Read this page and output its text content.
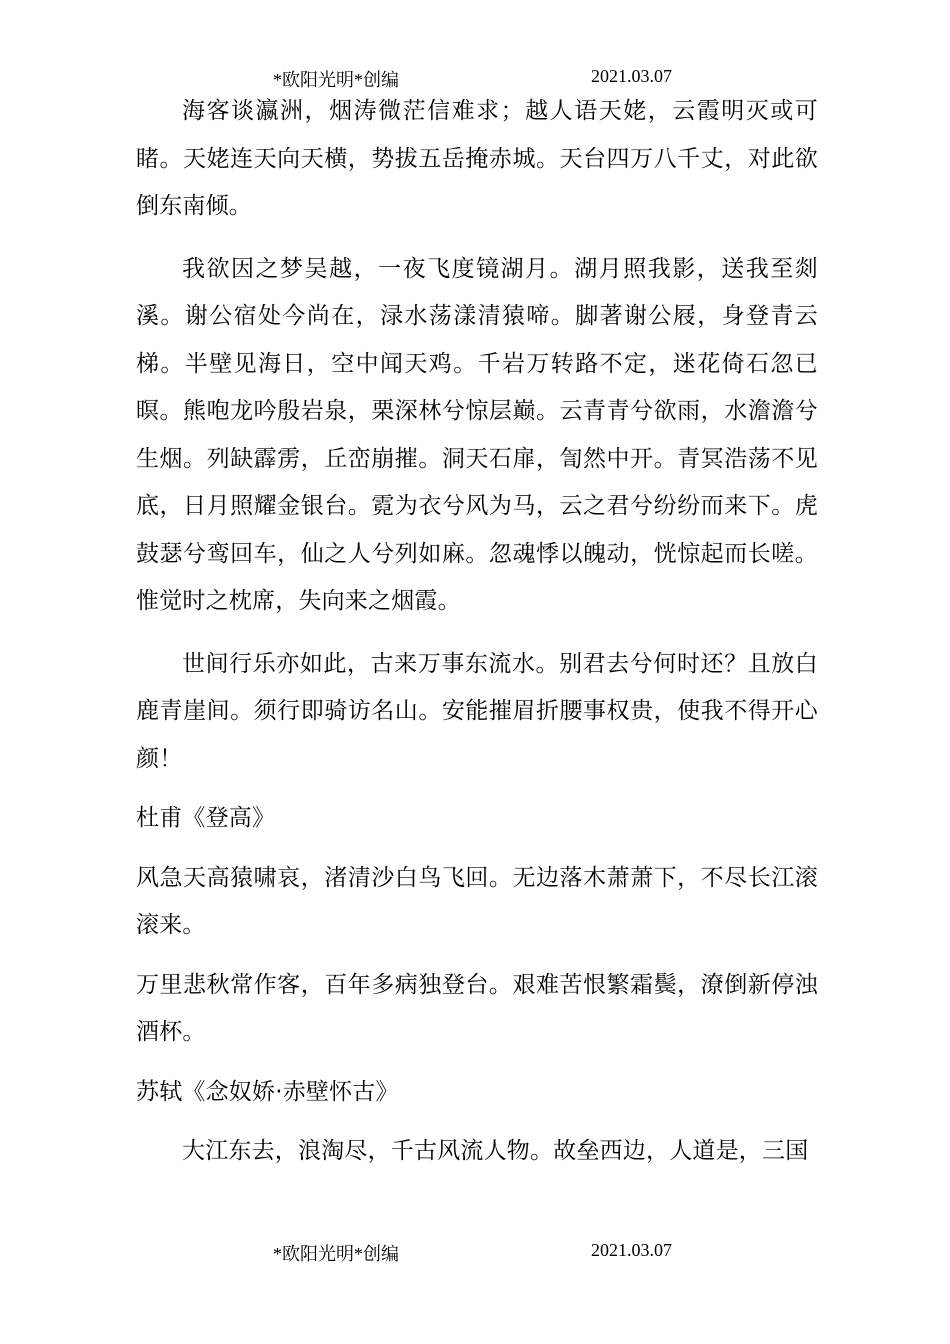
*欧阳光明*创编	2021.03.07

海客谈瀛洲，烟涛微茫信难求；越人语天姥，云霞明灭或可睹。天姥连天向天横，势拔五岳掩赤城。天台四万八千丈，对此欲倒东南倾。

我欲因之梦吴越，一夜飞度镜湖月。湖月照我影，送我至剡溪。谢公宿处今尚在，渌水荡漾清猿啼。脚著谢公屐，身登青云梯。半壁见海日，空中闻天鸡。千岩万转路不定，迷花倚石忽已暝。熊咆龙吟殷岩泉，栗深林兮惊层巅。云青青兮欲雨，水澹澹兮生烟。列缺霹雳，丘峦崩摧。洞天石扉，訇然中开。青冥浩荡不见底，日月照耀金银台。霓为衣兮风为马，云之君兮纷纷而来下。虎鼓瑟兮鸾回车，仙之人兮列如麻。忽魂悸以魄动，恍惊起而长嗟。惟觉时之枕席，失向来之烟霞。

世间行乐亦如此，古来万事东流水。别君去兮何时还？且放白鹿青崖间。须行即骑访名山。安能摧眉折腰事权贵，使我不得开心颜！

杜甫《登高》

风急天高猿啸哀，渚清沙白鸟飞回。无边落木萧萧下，不尽长江滚滚来。

万里悲秋常作客，百年多病独登台。艰难苦恨繁霜鬓，潦倒新停浊酒杯。

苏轼《念奴娇·赤壁怀古》

大江东去，浪淘尽，千古风流人物。故垒西边，人道是，三国

*欧阳光明*创编	2021.03.07
